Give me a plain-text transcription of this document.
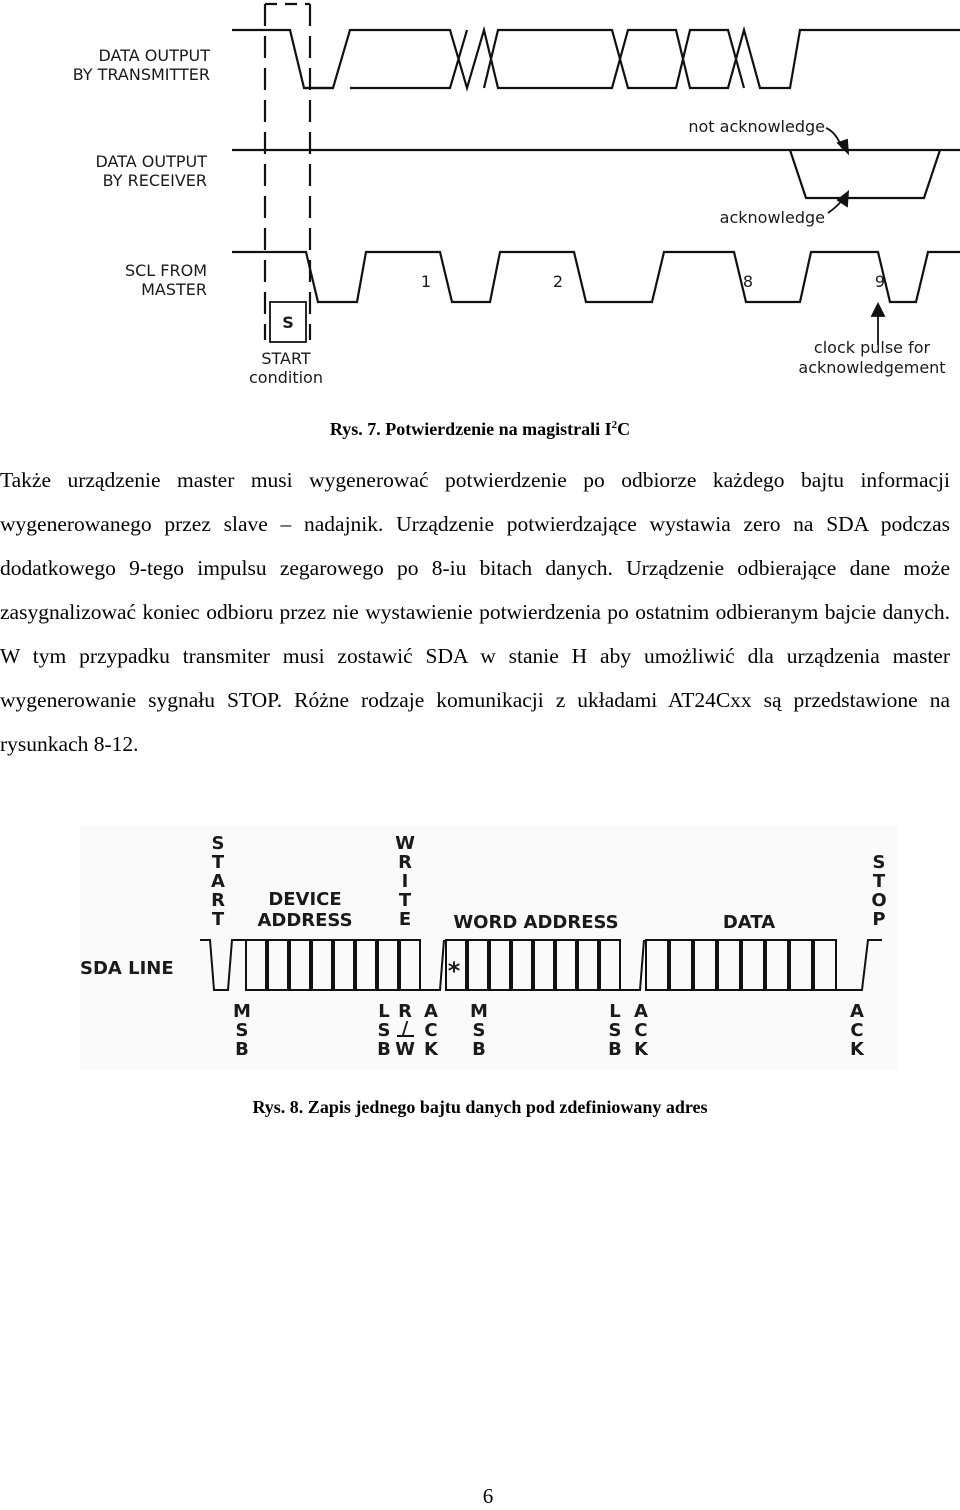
DATA OUTPUT
BY TRANSMITTER
DATA OUTPUT
BY RECEIVER
SCL FROM
MASTER
S
START
condition
not acknowledge
acknowledge
clock pulse for
acknowledgement
1	2	8	9
Rys. 7. Potwierdzenie na magistrali $I^2C$

Także urządzenie master musi wygenerować potwierdzenie po odbiorze każdego bajtu informacji wygenerowanego przez slave – nadajnik. Urządzenie potwierdzające wystawia zero na SDA podczas dodatkowego 9-tego impulsu zegarowego po 8-iu bitach danych. Urządzenie odbierające dane może zasygnalizować koniec odbioru przez nie wystawienie potwierdzenia po ostatnim odbieranym bajcie danych. W tym przypadku transmiter musi zostawić SDA w stanie H aby umożliwić dla urządzenia master wygenerowanie sygnału STOP. Różne rodzaje komunikacji z układami AT24Cxx są przedstawione na rysunkach 8-12.

S
T
A
R
T
W
R
I
T
E
S
T
O
P
DEVICE
ADDRESS	WORD ADDRESS	DATA
SDA LINE	*
M
S
B
L
S
B
R
/
W
A
C
K
M
S
B
L
S
B
A
C
K
A
C
K
Rys. 8. Zapis jednego bajtu danych pod zdefiniowany adres
6
